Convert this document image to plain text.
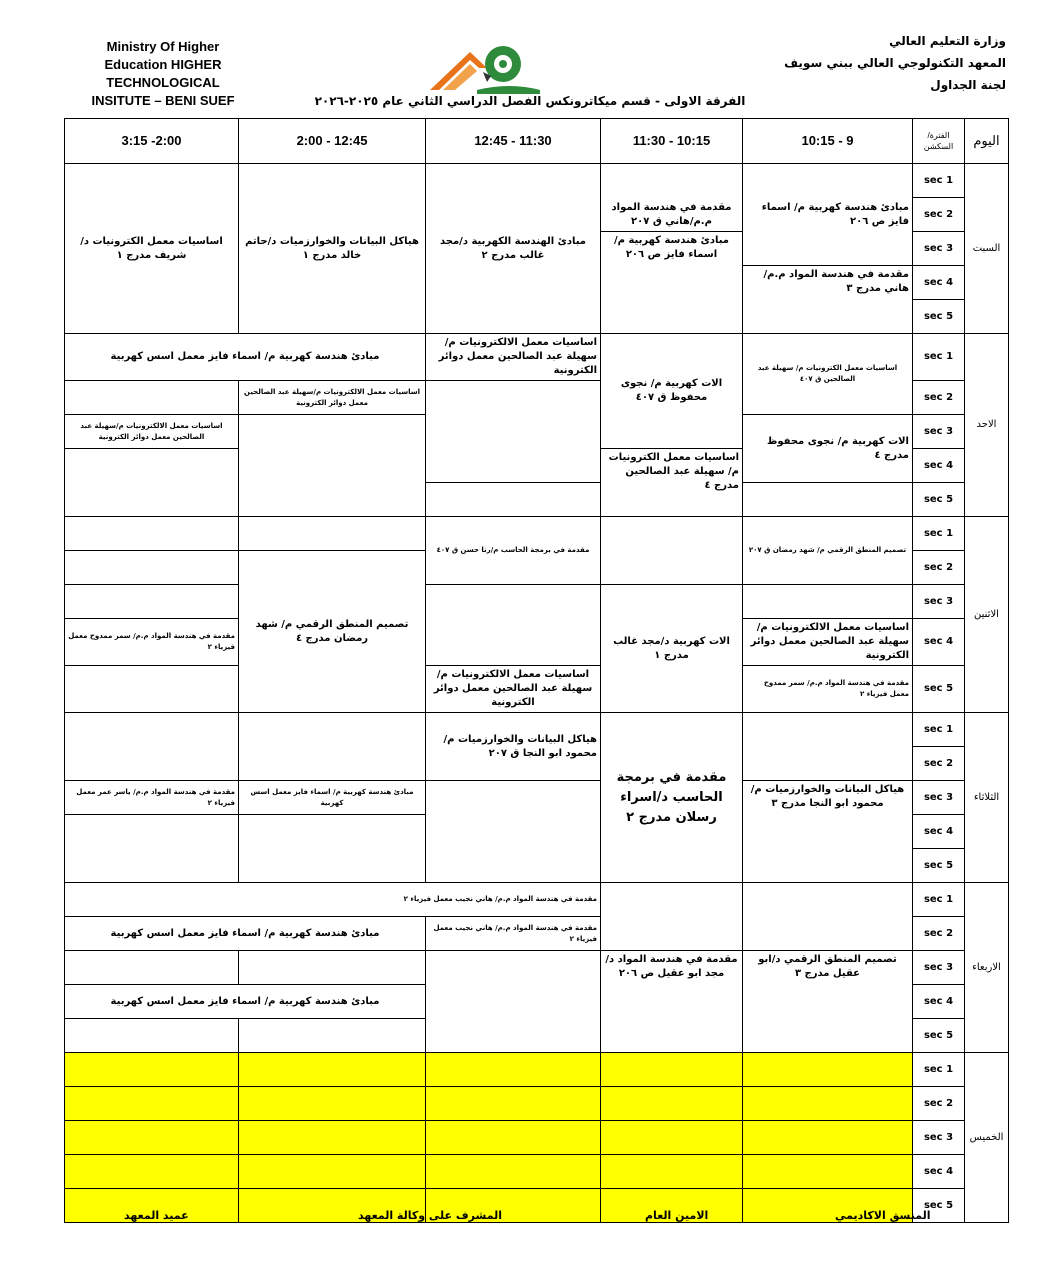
Ministry Of Higher
Education HIGHER
TECHNOLOGICAL
INSITUTE – BENI SUEF
وزارة التعليم العالي
المعهد التكنولوجي العالي ببني سويف
لجنة الجداول
الفرقة الاولى - قسم ميكاترونكس الفصل الدراسي الثاني عام ٢٠٢٥-٢٠٢٦
اليوم	الفترة/ السكشن	9 - 10:15	10:15 - 11:30	11:30 - 12:45	12:45 - 2:00	2:00- 3:15	
السبت	sec 1	مبادئ هندسة كهربية م/ اسماء فايز ص ٢٠٦	مقدمة في هندسة المواد م.م/هاني ق ٢٠٧	مبادئ الهندسة الكهربية د/مجد غالب مدرج ٢	هياكل البيانات والخوارزميات د/حاتم خالد مدرج ١	اساسيات معمل الكترونيات د/شريف مدرج ١	
	sec 2						
	sec 3		مبادئ هندسة كهربية م/ اسماء فايز ص ٢٠٦				
	sec 4	مقدمة في هندسة المواد م.م/هاني مدرج ٣					
	sec 5						
الاحد	sec 1	اساسيات معمل الكترونيات م/ سهيلة عبد الصالحين ق ٤٠٧	الات كهربية م/ نجوى محفوظ ق ٤٠٧	اساسيات معمل الالكترونيات م/سهيلة عبد الصالحين معمل دوائر الكترونية	مبادئ هندسة كهربية م/ اسماء فايز معمل اسس كهربية		
	sec 2				اساسيات معمل الالكترونيات م/سهيلة عبد الصالحين معمل دوائر الكترونية		
	sec 3	الات كهربية م/ نجوى محفوظ مدرج ٤				اساسيات معمل الالكترونيات م/سهيلة عبد الصالحين معمل دوائر الكترونية	
	sec 4		اساسيات معمل الكترونيات م/ سهيلة عبد الصالحين مدرج ٤				
	sec 5						
الاثنين	sec 1	تصميم المنطق الرقمي م/ شهد رمضان ق ٢٠٧		مقدمة في برمجة الحاسب م/رنا حسن ق ٤٠٧			
	sec 2				تصميم المنطق الرقمي م/ شهد رمضان مدرج ٤		
	sec 3		الات كهربية د/مجد غالب مدرج ١				
	sec 4	اساسيات معمل الالكترونيات م/سهيلة عبد الصالحين معمل دوائر الكترونية				مقدمة في هندسة المواد م.م/ سمر ممدوح معمل فيزياء ٢	
	sec 5	مقدمة في هندسة المواد م.م/ سمر ممدوح معمل فيزياء ٢		اساسيات معمل الالكترونيات م/سهيلة عبد الصالحين معمل دوائر الكترونية			
الثلاثاء	sec 1		مقدمة في برمجة الحاسب د/اسراء رسلان مدرج ٢	هياكل البيانات والخوارزميات م/محمود ابو النجا ق ٢٠٧			
	sec 2						
	sec 3	هياكل البيانات والخوارزميات م/محمود ابو النجا مدرج ٣			مبادئ هندسة كهربية م/ اسماء فايز معمل اسس كهربية	مقدمة في هندسة المواد م.م/ ياسر عمر معمل فيزياء ٢	
	sec 4						
	sec 5						
الاربعاء	sec 1			مقدمة في هندسة المواد م.م/ هاني نجيب معمل فيزياء ٢			
	sec 2			مقدمة في هندسة المواد م.م/ هاني نجيب معمل فيزياء ٢	مبادئ هندسة كهربية م/ اسماء فايز معمل اسس كهربية		
	sec 3	تصميم المنطق الرقمي د/ابو عقيل مدرج ٣	مقدمة في هندسة المواد د/مجد ابو عقيل ص ٢٠٦				
	sec 4				مبادئ هندسة كهربية م/ اسماء فايز معمل اسس كهربية		
	sec 5						
الخميس	sec 1						
	sec 2						
	sec 3						
	sec 4						
	sec 5						
المنسق الاكاديمي
الامين العام
المشرف على وكالة المعهد
عميد المعهد
